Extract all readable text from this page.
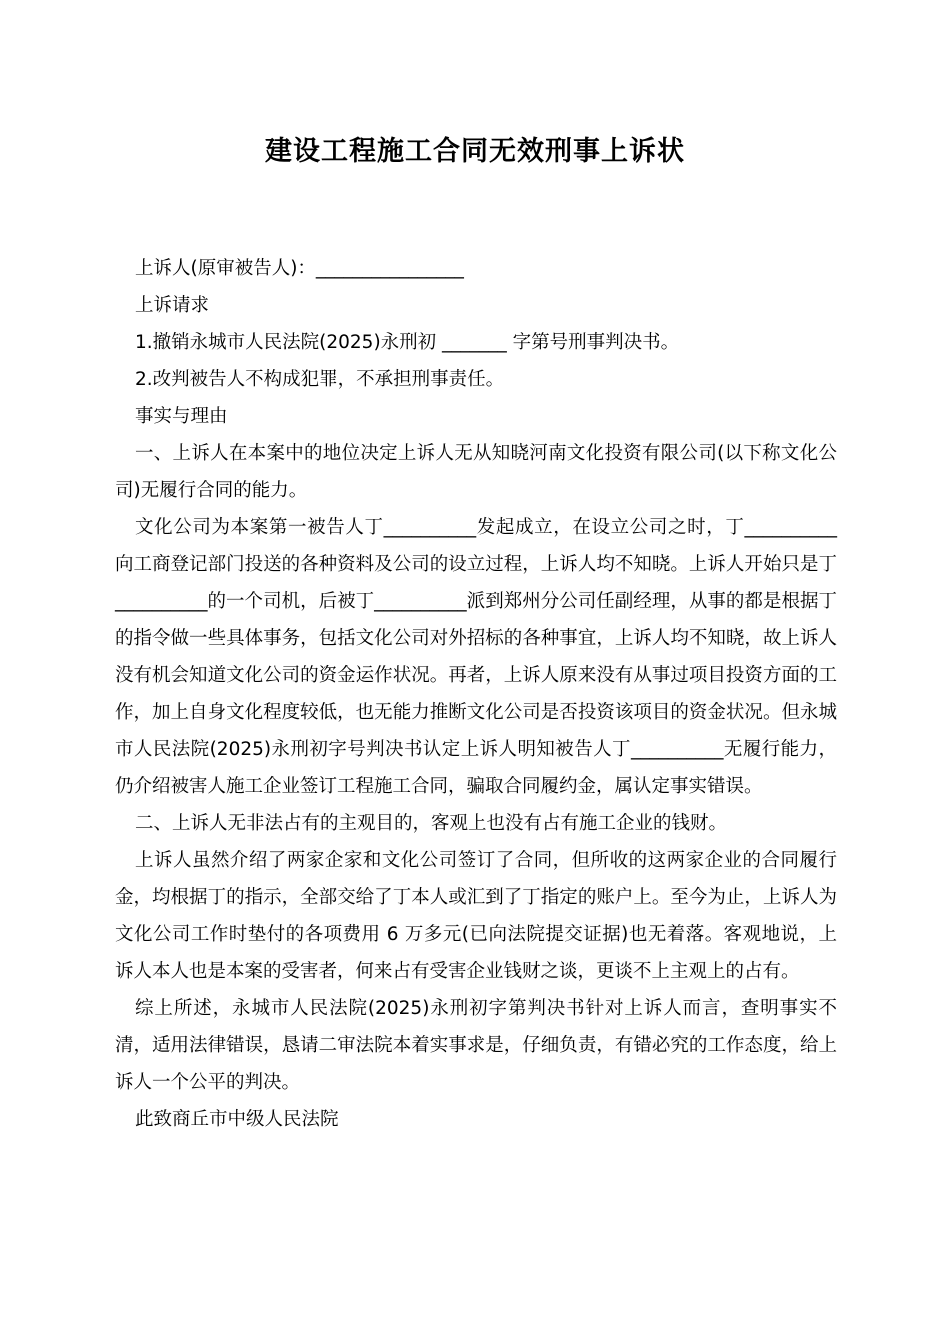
建设工程施工合同无效刑事上诉状

上诉人(原审被告人)：________________

上诉请求

1.撤销永城市人民法院(2025)永刑初 _______ 字第号刑事判决书。

2.改判被告人不构成犯罪，不承担刑事责任。

事实与理由

一、上诉人在本案中的地位决定上诉人无从知晓河南文化投资有限公司(以下称文化公司)无履行合同的能力。

文化公司为本案第一被告人丁__________发起成立，在设立公司之时，丁__________向工商登记部门投送的各种资料及公司的设立过程，上诉人均不知晓。上诉人开始只是丁__________的一个司机，后被丁__________派到郑州分公司任副经理，从事的都是根据丁的指令做一些具体事务，包括文化公司对外招标的各种事宜，上诉人均不知晓，故上诉人没有机会知道文化公司的资金运作状况。再者，上诉人原来没有从事过项目投资方面的工作，加上自身文化程度较低，也无能力推断文化公司是否投资该项目的资金状况。但永城市人民法院(2025)永刑初字号判决书认定上诉人明知被告人丁__________无履行能力，仍介绍被害人施工企业签订工程施工合同，骗取合同履约金，属认定事实错误。

二、上诉人无非法占有的主观目的，客观上也没有占有施工企业的钱财。

上诉人虽然介绍了两家企家和文化公司签订了合同，但所收的这两家企业的合同履行金，均根据丁的指示，全部交给了丁本人或汇到了丁指定的账户上。至今为止，上诉人为文化公司工作时垫付的各项费用 6 万多元(已向法院提交证据)也无着落。客观地说，上诉人本人也是本案的受害者，何来占有受害企业钱财之谈，更谈不上主观上的占有。

综上所述，永城市人民法院(2025)永刑初字第判决书针对上诉人而言，查明事实不清，适用法律错误，恳请二审法院本着实事求是，仔细负责，有错必究的工作态度，给上诉人一个公平的判决。

此致商丘市中级人民法院
